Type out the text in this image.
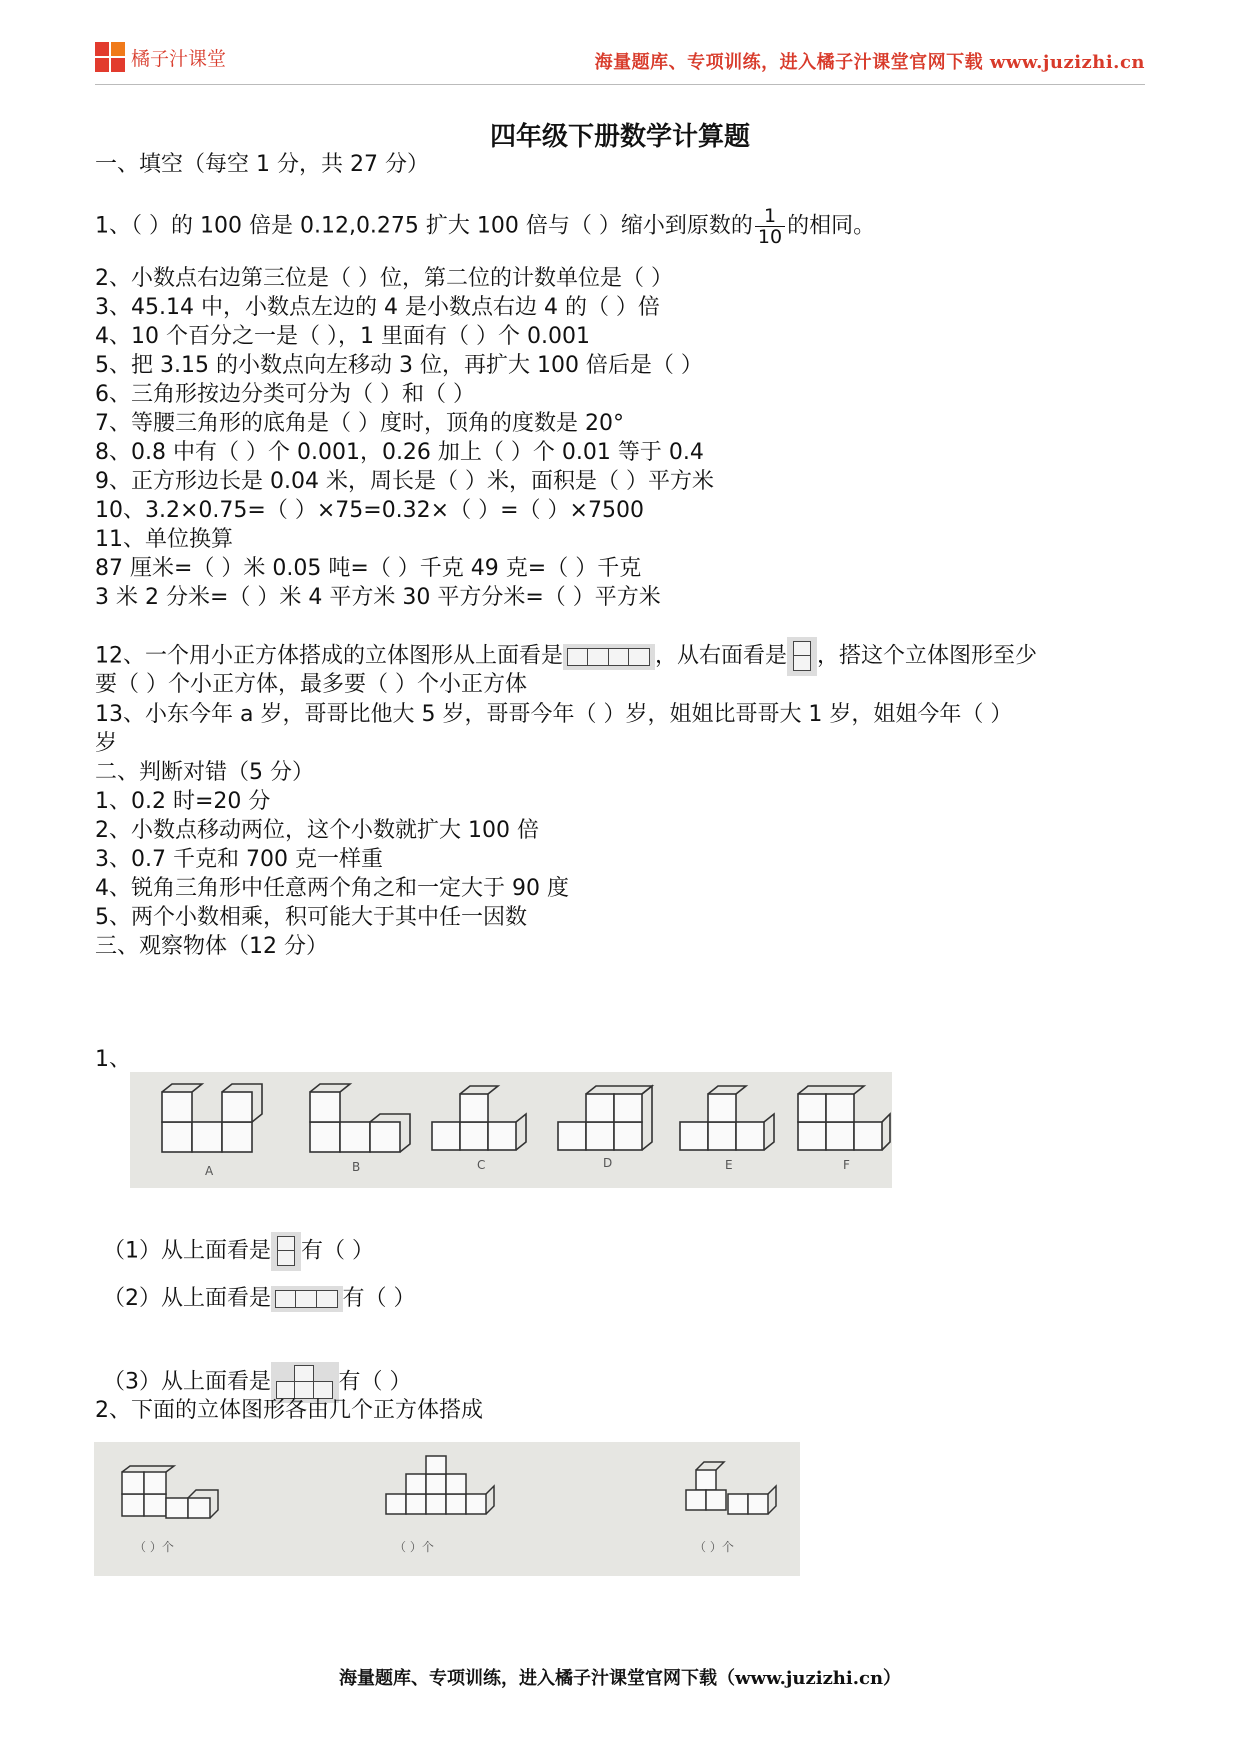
橘子汁课堂	海量题库、专项训练，进入橘子汁课堂官网下载 www.juzizhi.cn
四年级下册数学计算题
一、填空（每空 1 分，共 27 分）
1、（ ）的 100 倍是 0.12,0.275 扩大 100 倍与（ ）缩小到原数的 $\frac{1}{10}$ 的相同。
2、小数点右边第三位是（ ）位，第二位的计数单位是（ ）
3、45.14 中，小数点左边的 4 是小数点右边 4 的（ ）倍
4、10 个百分之一是（ ），1 里面有（ ）个 0.001
5、把 3.15 的小数点向左移动 3 位，再扩大 100 倍后是（ ）
6、三角形按边分类可分为（ ）和（ ）
7、等腰三角形的底角是（ ）度时，顶角的度数是 20°
8、0.8 中有（ ）个 0.001，0.26 加上（ ）个 0.01 等于 0.4
9、正方形边长是 0.04 米，周长是（ ）米，面积是（ ）平方米
10、3.2×0.75=（ ）×75=0.32×（ ）=（ ）×7500
11、单位换算
87 厘米=（ ）米 0.05 吨=（ ）千克 49 克=（ ）千克
3 米 2 分米=（ ）米 4 平方米 30 平方分米=（ ）平方米
12、一个用小正方体搭成的立体图形从上面看是	，从右面看是 ，搭这个立体图形至少
要（ ）个小正方体，最多要（ ）个小正方体
13、小东今年 a 岁，哥哥比他大 5 岁，哥哥今年（ ）岁，姐姐比哥哥大 1 岁，姐姐今年（ ）
岁
二、判断对错（5 分）
1、0.2 时=20 分
2、小数点移动两位，这个小数就扩大 100 倍
3、0.7 千克和 700 克一样重
4、锐角三角形中任意两个角之和一定大于 90 度
5、两个小数相乘，积可能大于其中任一因数
三、观察物体（12 分）
1、
A	B	C	D	E	F
（1）从上面看是 有（ ）
（2）从上面看是	有（ ）
（3）从上面看是	有（ ）
2、下面的立体图形各由几个正方体搭成
（ ）个	（ ）个	（ ）个
海量题库、专项训练，进入橘子汁课堂官网下载（www.juzizhi.cn）
